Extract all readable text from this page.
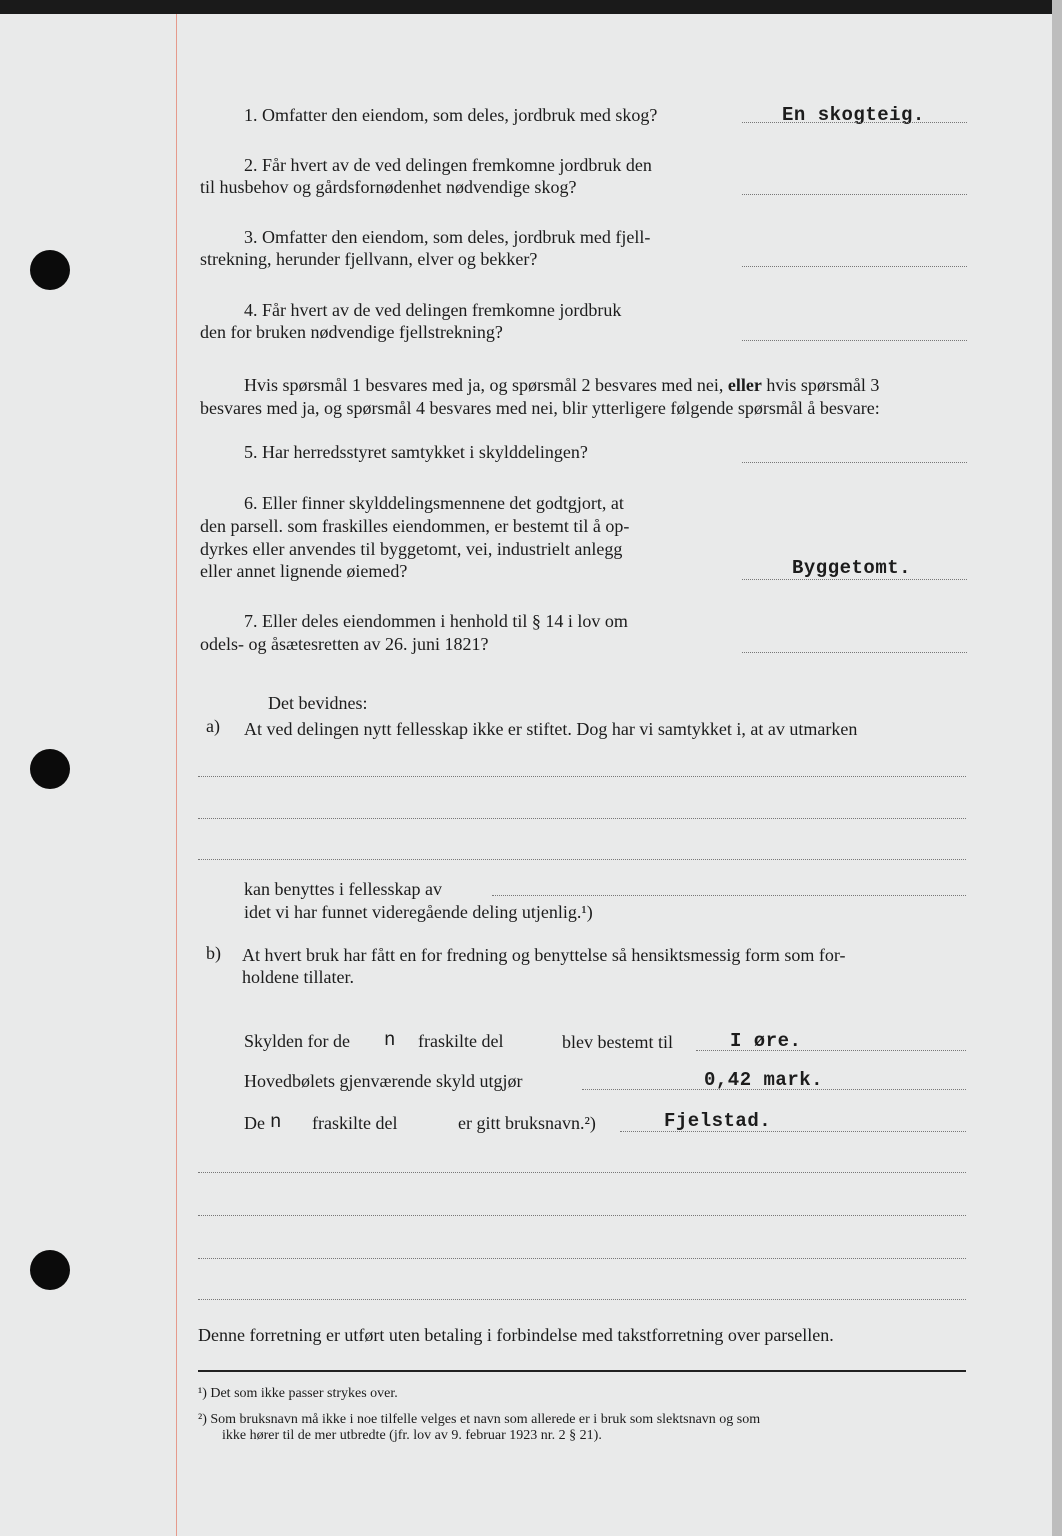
1. Omfatter den eiendom, som deles, jordbruk med skog?	En skogteig.
2. Får hvert av de ved delingen fremkomne jordbruk den
til husbehov og gårdsfornødenhet nødvendige skog?
3. Omfatter den eiendom, som deles, jordbruk med fjell-
strekning, herunder fjellvann, elver og bekker?
4. Får hvert av de ved delingen fremkomne jordbruk
den for bruken nødvendige fjellstrekning?
Hvis spørsmål 1 besvares med ja, og spørsmål 2 besvares med nei, eller hvis spørsmål 3
besvares med ja, og spørsmål 4 besvares med nei, blir ytterligere følgende spørsmål å besvare:
5. Har herredsstyret samtykket i skylddelingen?
6. Eller finner skylddelingsmennene det godtgjort, at
den parsell. som fraskilles eiendommen, er bestemt til å op-
dyrkes eller anvendes til byggetomt, vei, industrielt anlegg
eller annet lignende øiemed?	Byggetomt.
7. Eller deles eiendommen i henhold til § 14 i lov om
odels- og åsætesretten av 26. juni 1821?
Det bevidnes:
a) At ved delingen nytt fellesskap ikke er stiftet. Dog har vi samtykket i, at av utmarken
kan benyttes i fellesskap av
idet vi har funnet videregående deling utjenlig.¹)
b) At hvert bruk har fått en for fredning og benyttelse så hensiktsmessig form som for-
holdene tillater.
Skylden for de n fraskilte del	blev bestemt til	I øre.
Hovedbølets gjenværende skyld utgjør	0,42 mark.
De n fraskilte del	er gitt bruksnavn.²)	Fjelstad.
Denne forretning er utført uten betaling i forbindelse med takstforretning over parsellen.
¹) Det som ikke passer strykes over.
²) Som bruksnavn må ikke i noe tilfelle velges et navn som allerede er i bruk som slektsnavn og som
ikke hører til de mer utbredte (jfr. lov av 9. februar 1923 nr. 2 § 21).
